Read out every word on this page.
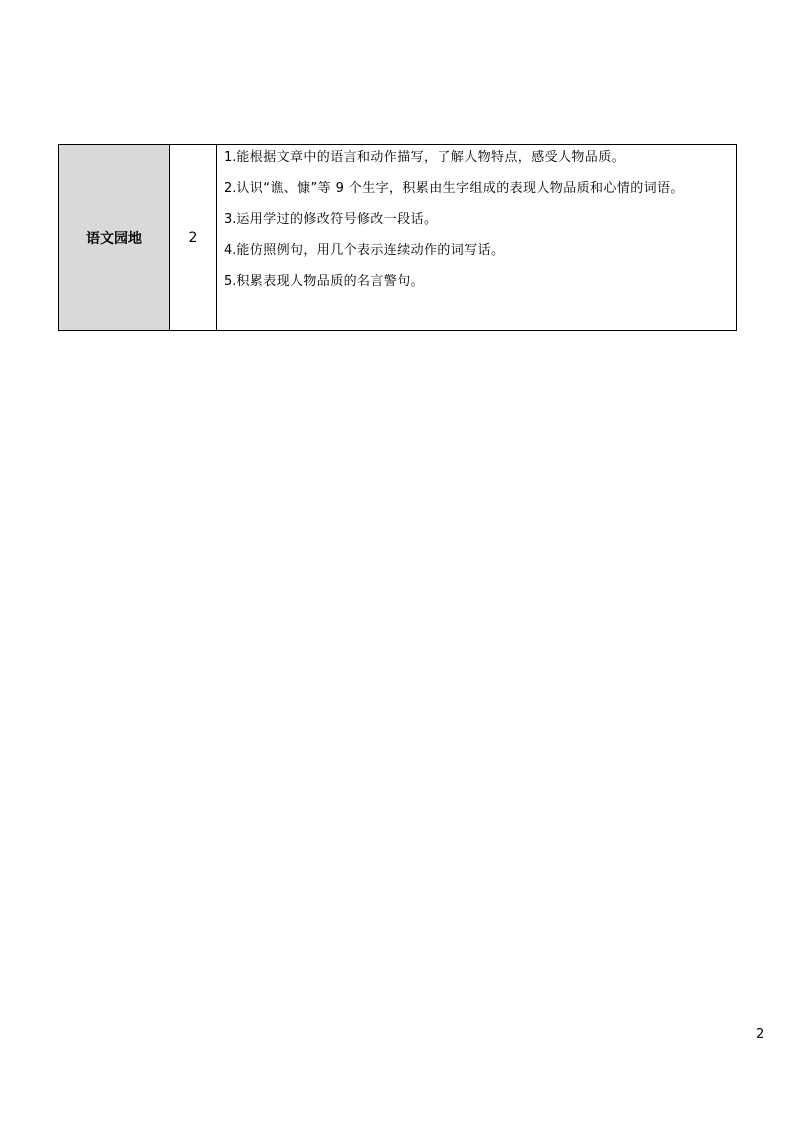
语文园地	2	
1. 能根据文章中的语言和动作描写，了解人物特点，感受人物品质。
2. 认识“谯、慷”等 9 个生字，积累由生字组成的表现人物品质和心情的词语。
3. 运用学过的修改符号修改一段话。
4. 能仿照例句，用几个表示连续动作的词写话。
5. 积累表现人物品质的名言警句。
2
